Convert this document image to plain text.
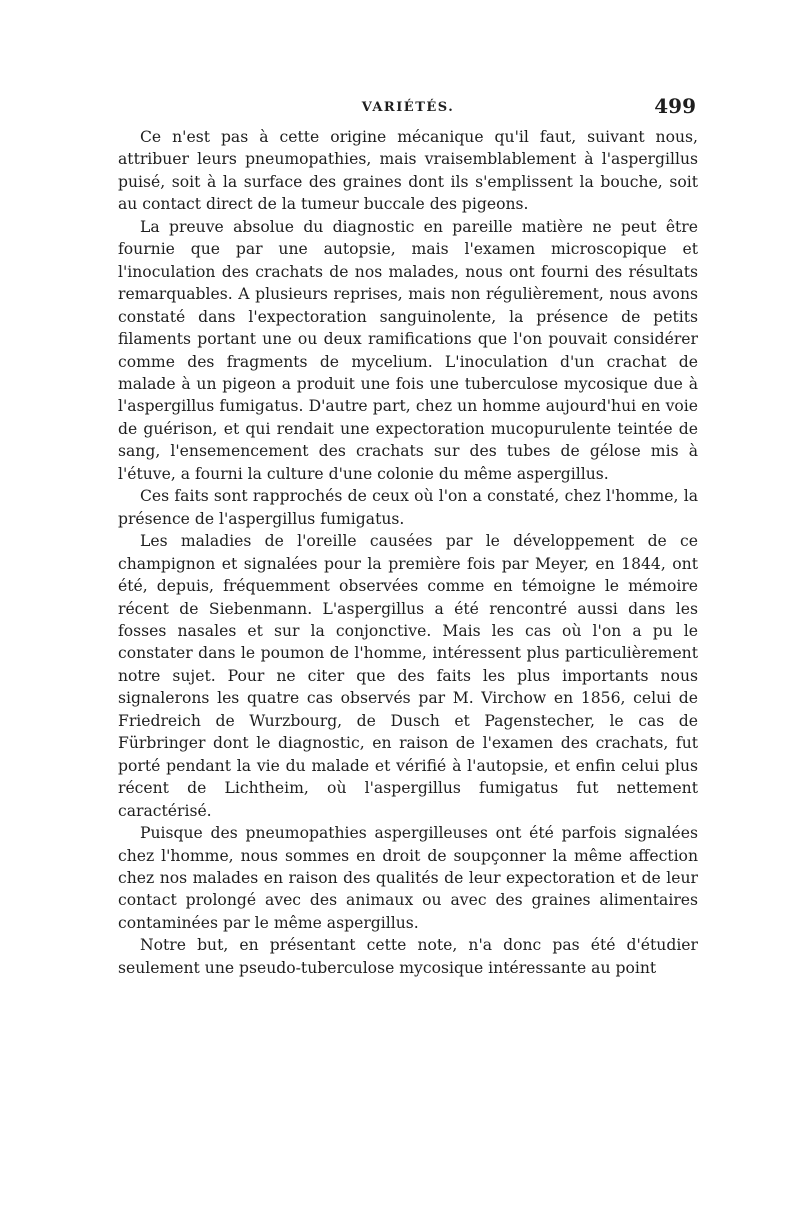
VARIÉTÉS.	499

Ce n'est pas à cette origine mécanique qu'il faut, suivant nous, attribuer leurs pneumopathies, mais vraisemblablement à l'aspergillus puisé, soit à la surface des graines dont ils s'emplissent la bouche, soit au contact direct de la tumeur buccale des pigeons.

La preuve absolue du diagnostic en pareille matière ne peut être fournie que par une autopsie, mais l'examen microscopique et l'inoculation des crachats de nos malades, nous ont fourni des résultats remarquables. A plusieurs reprises, mais non régulièrement, nous avons constaté dans l'expectoration sanguinolente, la présence de petits filaments portant une ou deux ramifications que l'on pouvait considérer comme des fragments de mycelium. L'inoculation d'un crachat de malade à un pigeon a produit une fois une tuberculose mycosique due à l'aspergillus fumigatus. D'autre part, chez un homme aujourd'hui en voie de guérison, et qui rendait une expectoration mucopurulente teintée de sang, l'ensemencement des crachats sur des tubes de gélose mis à l'étuve, a fourni la culture d'une colonie du même aspergillus.

Ces faits sont rapprochés de ceux où l'on a constaté, chez l'homme, la présence de l'aspergillus fumigatus.

Les maladies de l'oreille causées par le développement de ce champignon et signalées pour la première fois par Meyer, en 1844, ont été, depuis, fréquemment observées comme en témoigne le mémoire récent de Siebenmann. L'aspergillus a été rencontré aussi dans les fosses nasales et sur la conjonctive. Mais les cas où l'on a pu le constater dans le poumon de l'homme, intéressent plus particulièrement notre sujet. Pour ne citer que des faits les plus importants nous signalerons les quatre cas observés par M. Virchow en 1856, celui de Friedreich de Wurzbourg, de Dusch et Pagenstecher, le cas de Fürbringer dont le diagnostic, en raison de l'examen des crachats, fut porté pendant la vie du malade et vérifié à l'autopsie, et enfin celui plus récent de Lichtheim, où l'aspergillus fumigatus fut nettement caractérisé.

Puisque des pneumopathies aspergilleuses ont été parfois signalées chez l'homme, nous sommes en droit de soupçonner la même affection chez nos malades en raison des qualités de leur expectoration et de leur contact prolongé avec des animaux ou avec des graines alimentaires contaminées par le même aspergillus.

Notre but, en présentant cette note, n'a donc pas été d'étudier seulement une pseudo-tuberculose mycosique intéressante au point
